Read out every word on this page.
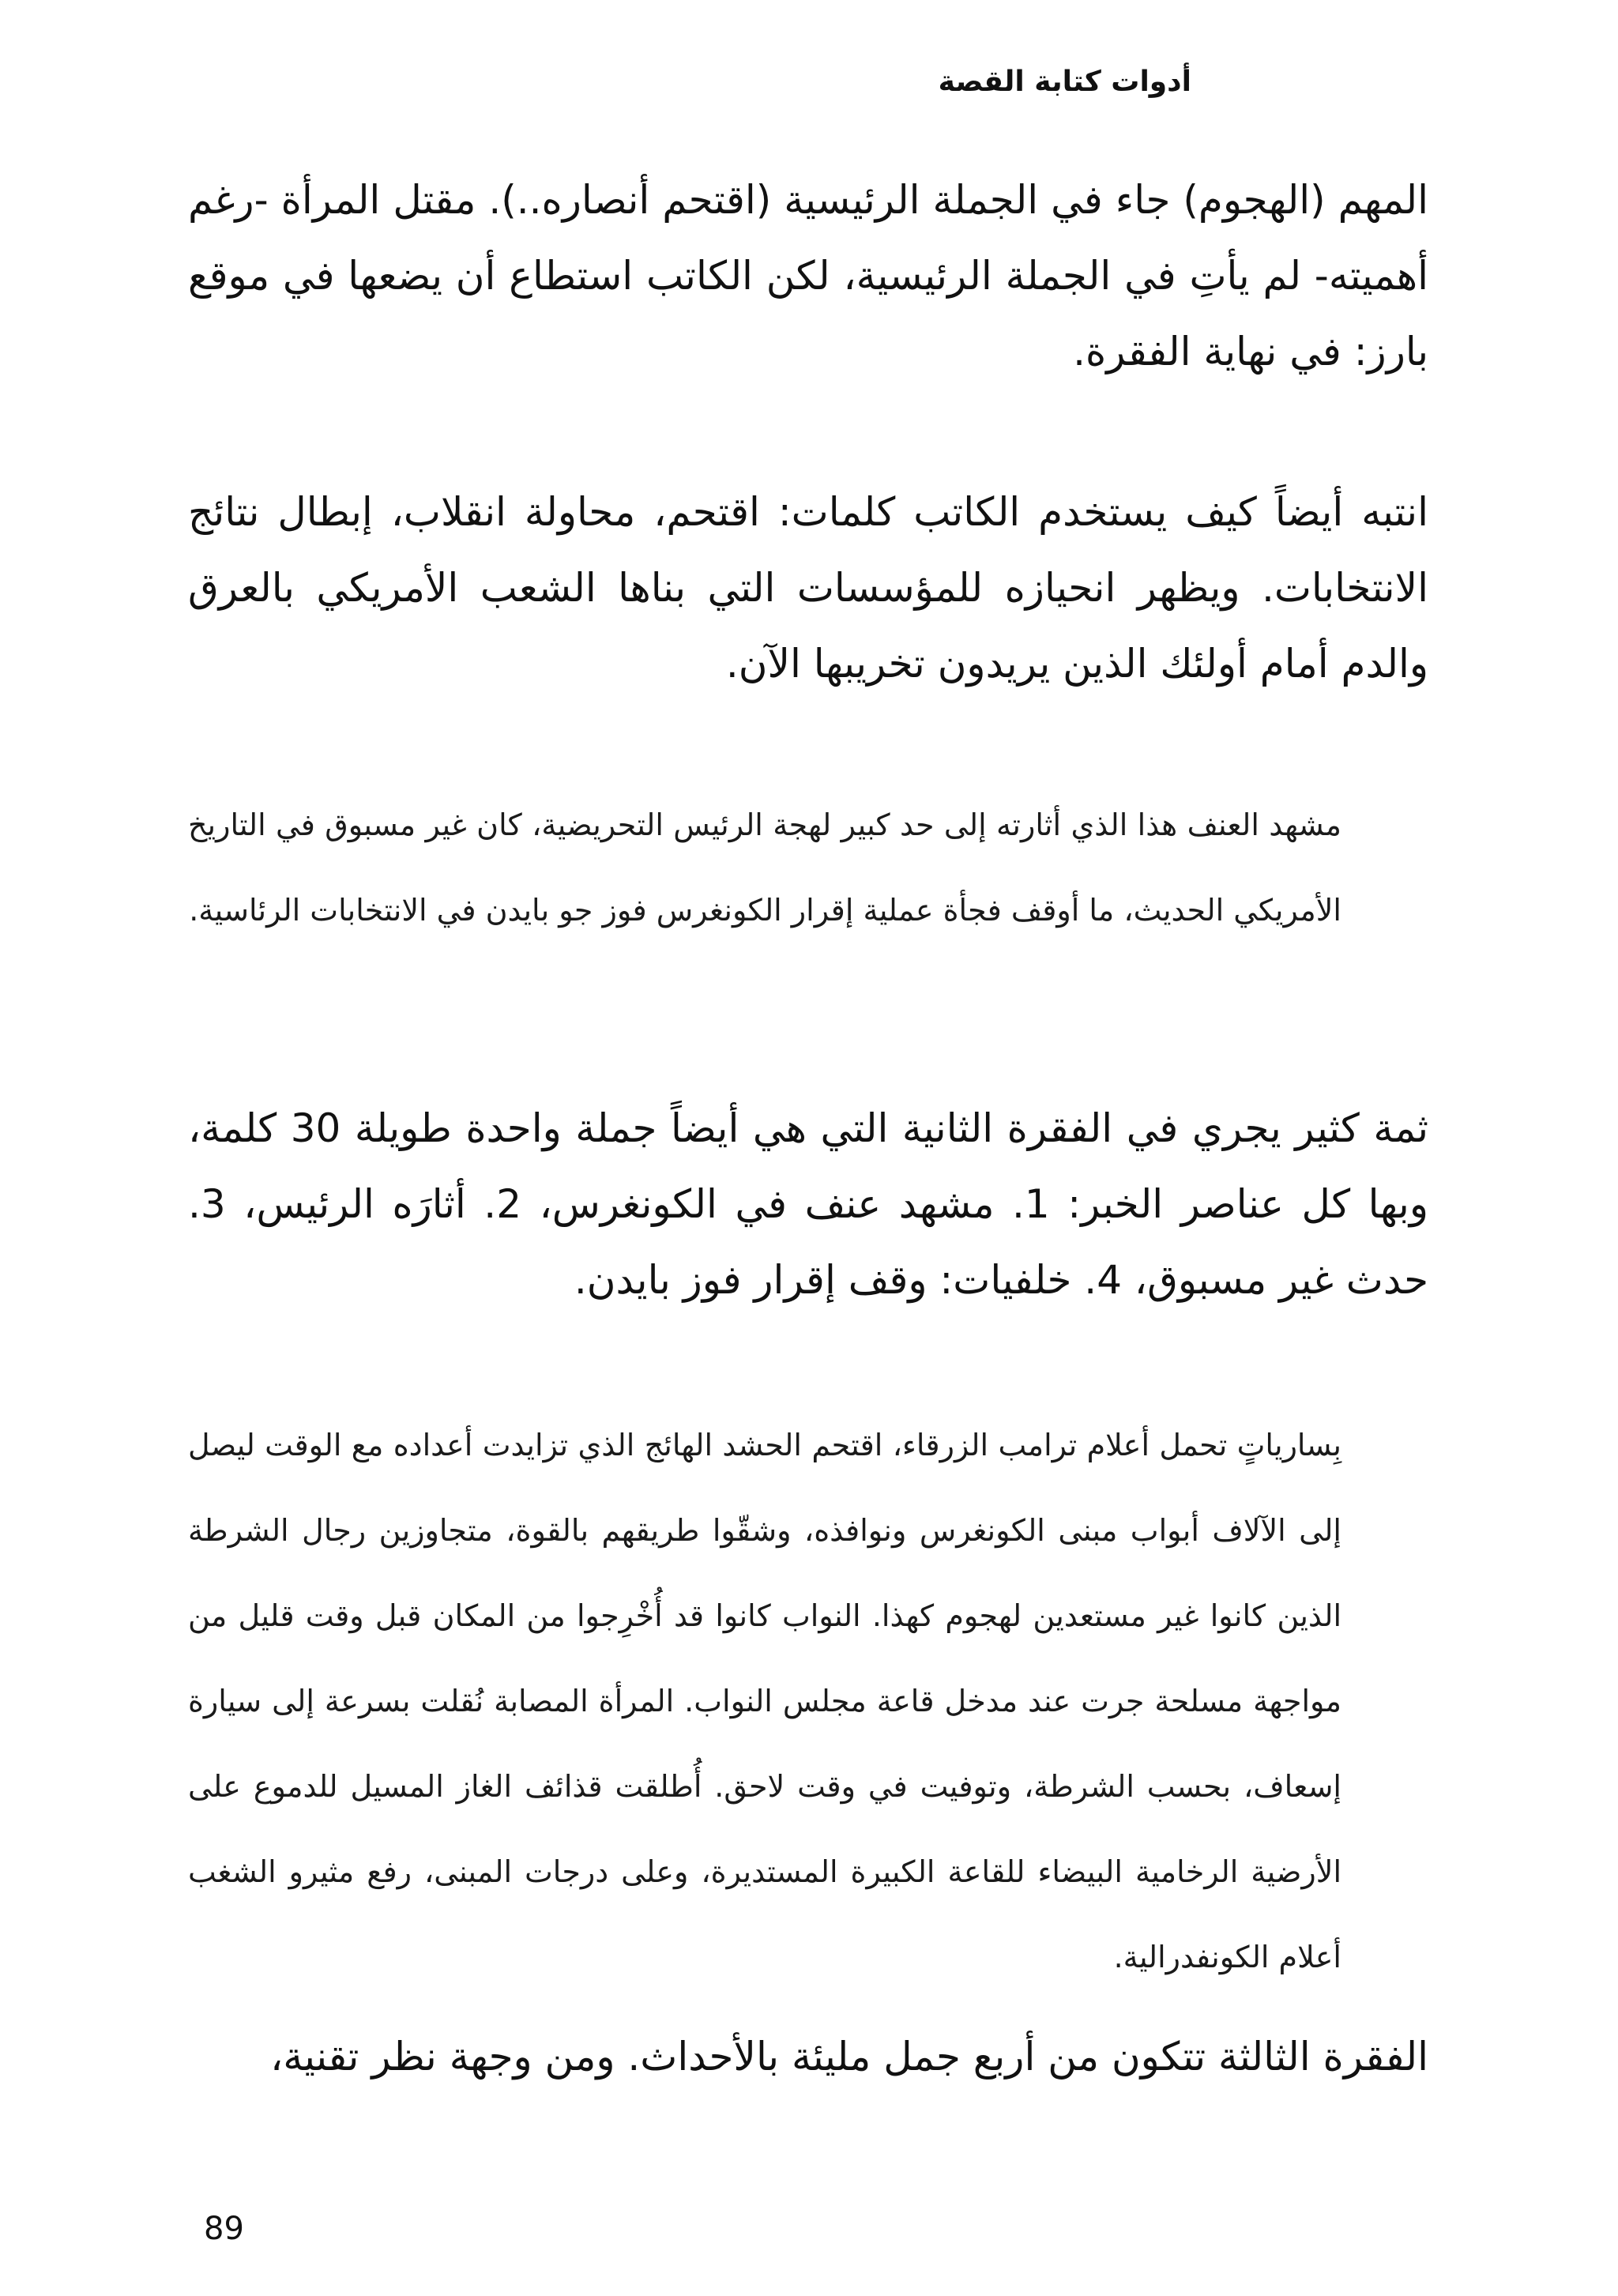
أدوات كتابة القصة

المهم (الهجوم) جاء في الجملة الرئيسية (اقتحم أنصاره..). مقتل المرأة -رغم أهميته- لم يأتِ في الجملة الرئيسية، لكن الكاتب استطاع أن يضعها في موقع بارز: في نهاية الفقرة.

انتبه أيضاً كيف يستخدم الكاتب كلمات: اقتحم، محاولة انقلاب، إبطال نتائج الانتخابات. ويظهر انحيازه للمؤسسات التي بناها الشعب الأمريكي بالعرق والدم أمام أولئك الذين يريدون تخريبها الآن.

مشهد العنف هذا الذي أثارته إلى حد كبير لهجة الرئيس التحريضية، كان غير مسبوق في التاريخ الأمريكي الحديث، ما أوقف فجأة عملية إقرار الكونغرس فوز جو بايدن في الانتخابات الرئاسية.

ثمة كثير يجري في الفقرة الثانية التي هي أيضاً جملة واحدة طويلة 30 كلمة، وبها كل عناصر الخبر: 1. مشهد عنف في الكونغرس، 2. أثارَه الرئيس، 3. حدث غير مسبوق، 4. خلفيات: وقف إقرار فوز بايدن.

بِسارياتٍ تحمل أعلام ترامب الزرقاء، اقتحم الحشد الهائج الذي تزايدت أعداده مع الوقت ليصل إلى الآلاف أبواب مبنى الكونغرس ونوافذه، وشقّوا طريقهم بالقوة، متجاوزين رجال الشرطة الذين كانوا غير مستعدين لهجوم كهذا. النواب كانوا قد أُخْرِجوا من المكان قبل وقت قليل من مواجهة مسلحة جرت عند مدخل قاعة مجلس النواب. المرأة المصابة نُقلت بسرعة إلى سيارة إسعاف، بحسب الشرطة، وتوفيت في وقت لاحق. أُطلقت قذائف الغاز المسيل للدموع على الأرضية الرخامية البيضاء للقاعة الكبيرة المستديرة، وعلى درجات المبنى، رفع مثيرو الشغب أعلام الكونفدرالية.

الفقرة الثالثة تتكون من أربع جمل مليئة بالأحداث. ومن وجهة نظر تقنية،

89
